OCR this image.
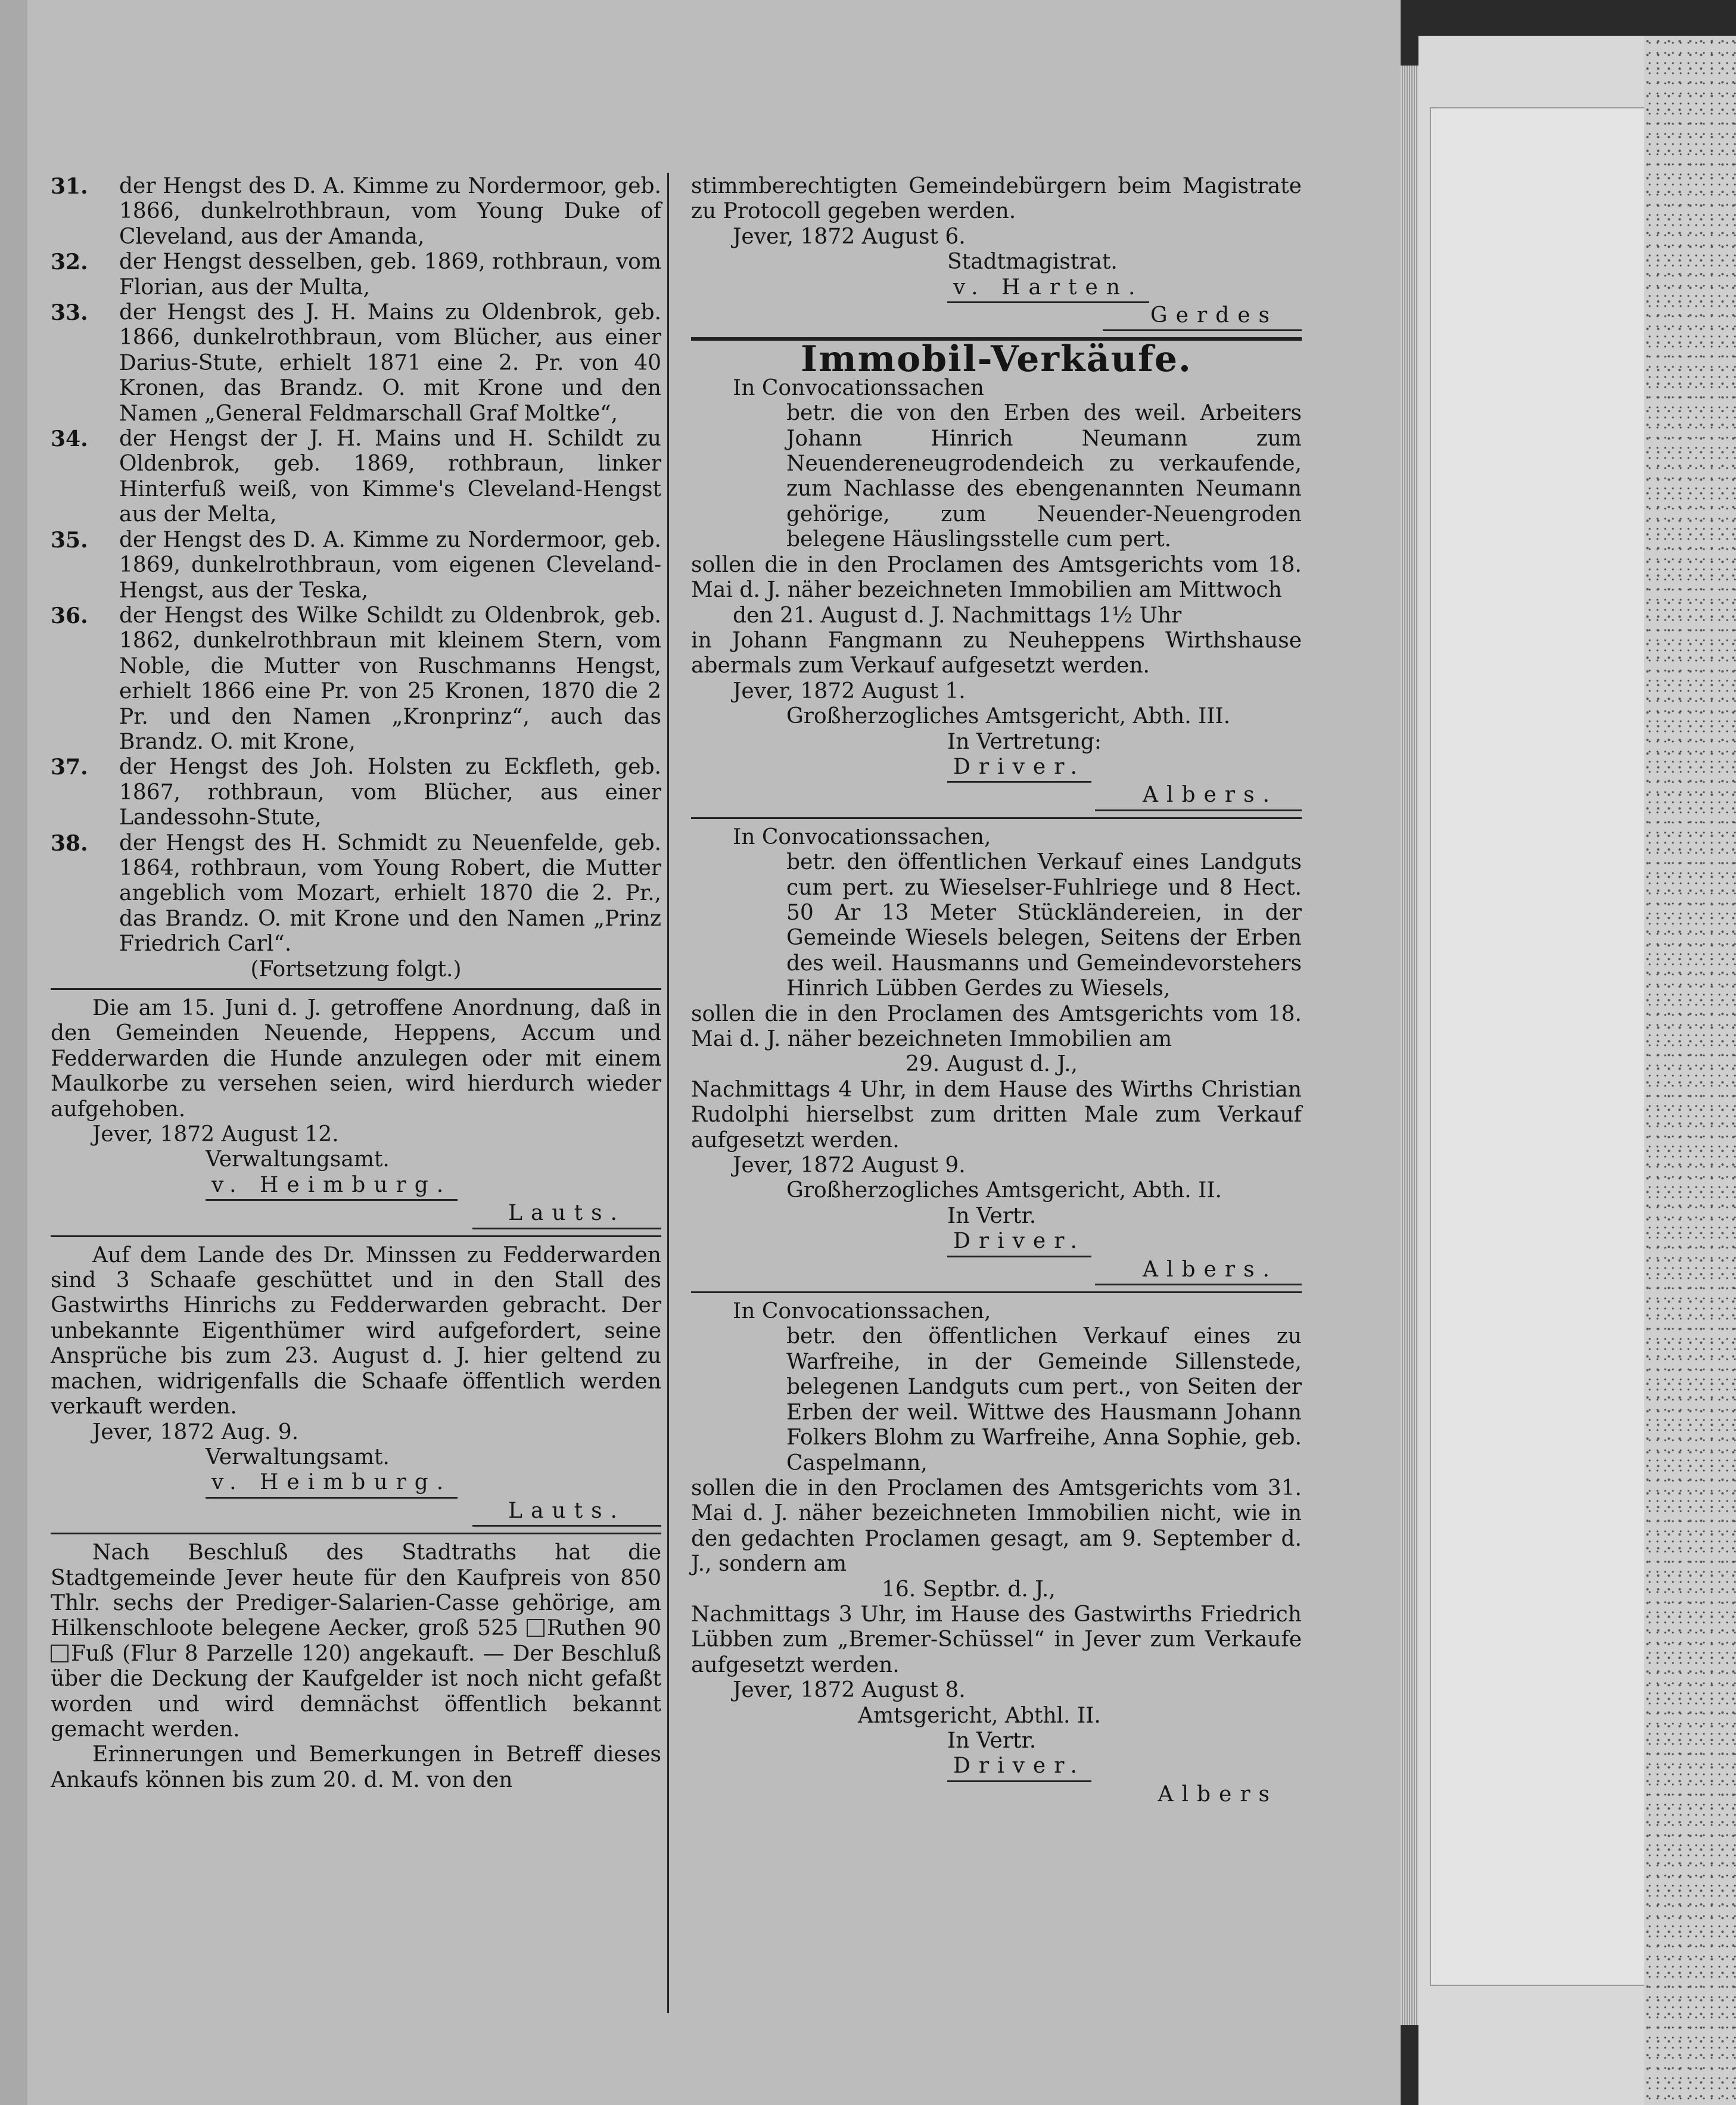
31.	der Hengst des D. A. Kimme zu Nordermoor, geb. 1866, dunkelrothbraun, vom Young Duke of Cleveland, aus der Amanda,
32.	der Hengst desselben, geb. 1869, rothbraun, vom Florian, aus der Multa,
33.	der Hengst des J. H. Mains zu Oldenbrok, geb. 1866, dunkelrothbraun, vom Blücher, aus einer Darius-Stute, erhielt 1871 eine 2. Pr. von 40 Kronen, das Brandz. O. mit Krone und den Namen „General Feldmarschall Graf Moltke“,
34.	der Hengst der J. H. Mains und H. Schildt zu Oldenbrok, geb. 1869, rothbraun, linker Hinterfuß weiß, von Kimme's Cleveland-Hengst aus der Melta,
35.	der Hengst des D. A. Kimme zu Nordermoor, geb. 1869, dunkelrothbraun, vom eigenen Cleveland-Hengst, aus der Teska,
36.	der Hengst des Wilke Schildt zu Oldenbrok, geb. 1862, dunkelrothbraun mit kleinem Stern, vom Noble, die Mutter von Ruschmanns Hengst, erhielt 1866 eine Pr. von 25 Kronen, 1870 die 2 Pr. und den Namen „Kronprinz“, auch das Brandz. O. mit Krone,
37.	der Hengst des Joh. Holsten zu Eckfleth, geb. 1867, rothbraun, vom Blücher, aus einer Landessohn-Stute,
38.	der Hengst des H. Schmidt zu Neuenfelde, geb. 1864, rothbraun, vom Young Robert, die Mutter angeblich vom Mozart, erhielt 1870 die 2. Pr., das Brandz. O. mit Krone und den Namen „Prinz Friedrich Carl“.

(Fortsetzung folgt.)

Die am 15. Juni d. J. getroffene Anordnung, daß in den Gemeinden Neuende, Heppens, Accum und Fedderwarden die Hunde anzulegen oder mit einem Maulkorbe zu versehen seien, wird hierdurch wieder aufgehoben.

Jever, 1872 August 12.

Verwaltungsamt.

v. Heimburg.

Lauts.

Auf dem Lande des Dr. Minssen zu Fedderwarden sind 3 Schaafe geschüttet und in den Stall des Gastwirths Hinrichs zu Fedderwarden gebracht. Der unbekannte Eigenthümer wird aufgefordert, seine Ansprüche bis zum 23. August d. J. hier geltend zu machen, widrigenfalls die Schaafe öffentlich werden verkauft werden.

Jever, 1872 Aug. 9.

Verwaltungsamt.

v. Heimburg.

Lauts.

Nach Beschluß des Stadtraths hat die Stadtgemeinde Jever heute für den Kaufpreis von 850 Thlr. sechs der Prediger-Salarien-Casse gehörige, am Hilkenschloote belegene Aecker, groß 525 Ruthen 90 Fuß (Flur 8 Parzelle 120) angekauft. — Der Beschluß über die Deckung der Kaufgelder ist noch nicht gefaßt worden und wird demnächst öffentlich bekannt gemacht werden.

Erinnerungen und Bemerkungen in Betreff dieses Ankaufs können bis zum 20. d. M. von den

stimmberechtigten Gemeindebürgern beim Magistrate zu Protocoll gegeben werden.

Jever, 1872 August 6.

Stadtmagistrat.

v. Harten.

Gerdes

Immobil-Verkäufe.

In Convocationssachen

betr. die von den Erben des weil. Arbeiters Johann Hinrich Neumann zum Neuendereneugrodendeich zu verkaufende, zum Nachlasse des ebengenannten Neumann gehörige, zum Neuender-Neuengroden belegene Häuslingsstelle cum pert.

sollen die in den Proclamen des Amtsgerichts vom 18. Mai d. J. näher bezeichneten Immobilien am Mittwoch

den 21. August d. J. Nachmittags 1½ Uhr

in Johann Fangmann zu Neuheppens Wirthshause abermals zum Verkauf aufgesetzt werden.

Jever, 1872 August 1.

Großherzogliches Amtsgericht, Abth. III.

In Vertretung:

Driver.

Albers.

In Convocationssachen,

betr. den öffentlichen Verkauf eines Landguts cum pert. zu Wieselser-Fuhlriege und 8 Hect. 50 Ar 13 Meter Stückländereien, in der Gemeinde Wiesels belegen, Seitens der Erben des weil. Hausmanns und Gemeindevorstehers Hinrich Lübben Gerdes zu Wiesels,

sollen die in den Proclamen des Amtsgerichts vom 18. Mai d. J. näher bezeichneten Immobilien am

29. August d. J.,

Nachmittags 4 Uhr, in dem Hause des Wirths Christian Rudolphi hierselbst zum dritten Male zum Verkauf aufgesetzt werden.

Jever, 1872 August 9.

Großherzogliches Amtsgericht, Abth. II.

In Vertr.

Driver.

Albers.

In Convocationssachen,

betr. den öffentlichen Verkauf eines zu Warfreihe, in der Gemeinde Sillenstede, belegenen Landguts cum pert., von Seiten der Erben der weil. Wittwe des Hausmann Johann Folkers Blohm zu Warfreihe, Anna Sophie, geb. Caspelmann,

sollen die in den Proclamen des Amtsgerichts vom 31. Mai d. J. näher bezeichneten Immobilien nicht, wie in den gedachten Proclamen gesagt, am 9. September d. J., sondern am

16. Septbr. d. J.,

Nachmittags 3 Uhr, im Hause des Gastwirths Friedrich Lübben zum „Bremer-Schüssel“ in Jever zum Verkaufe aufgesetzt werden.

Jever, 1872 August 8.

Amtsgericht, Abthl. II.

In Vertr.

Driver.

Albers
